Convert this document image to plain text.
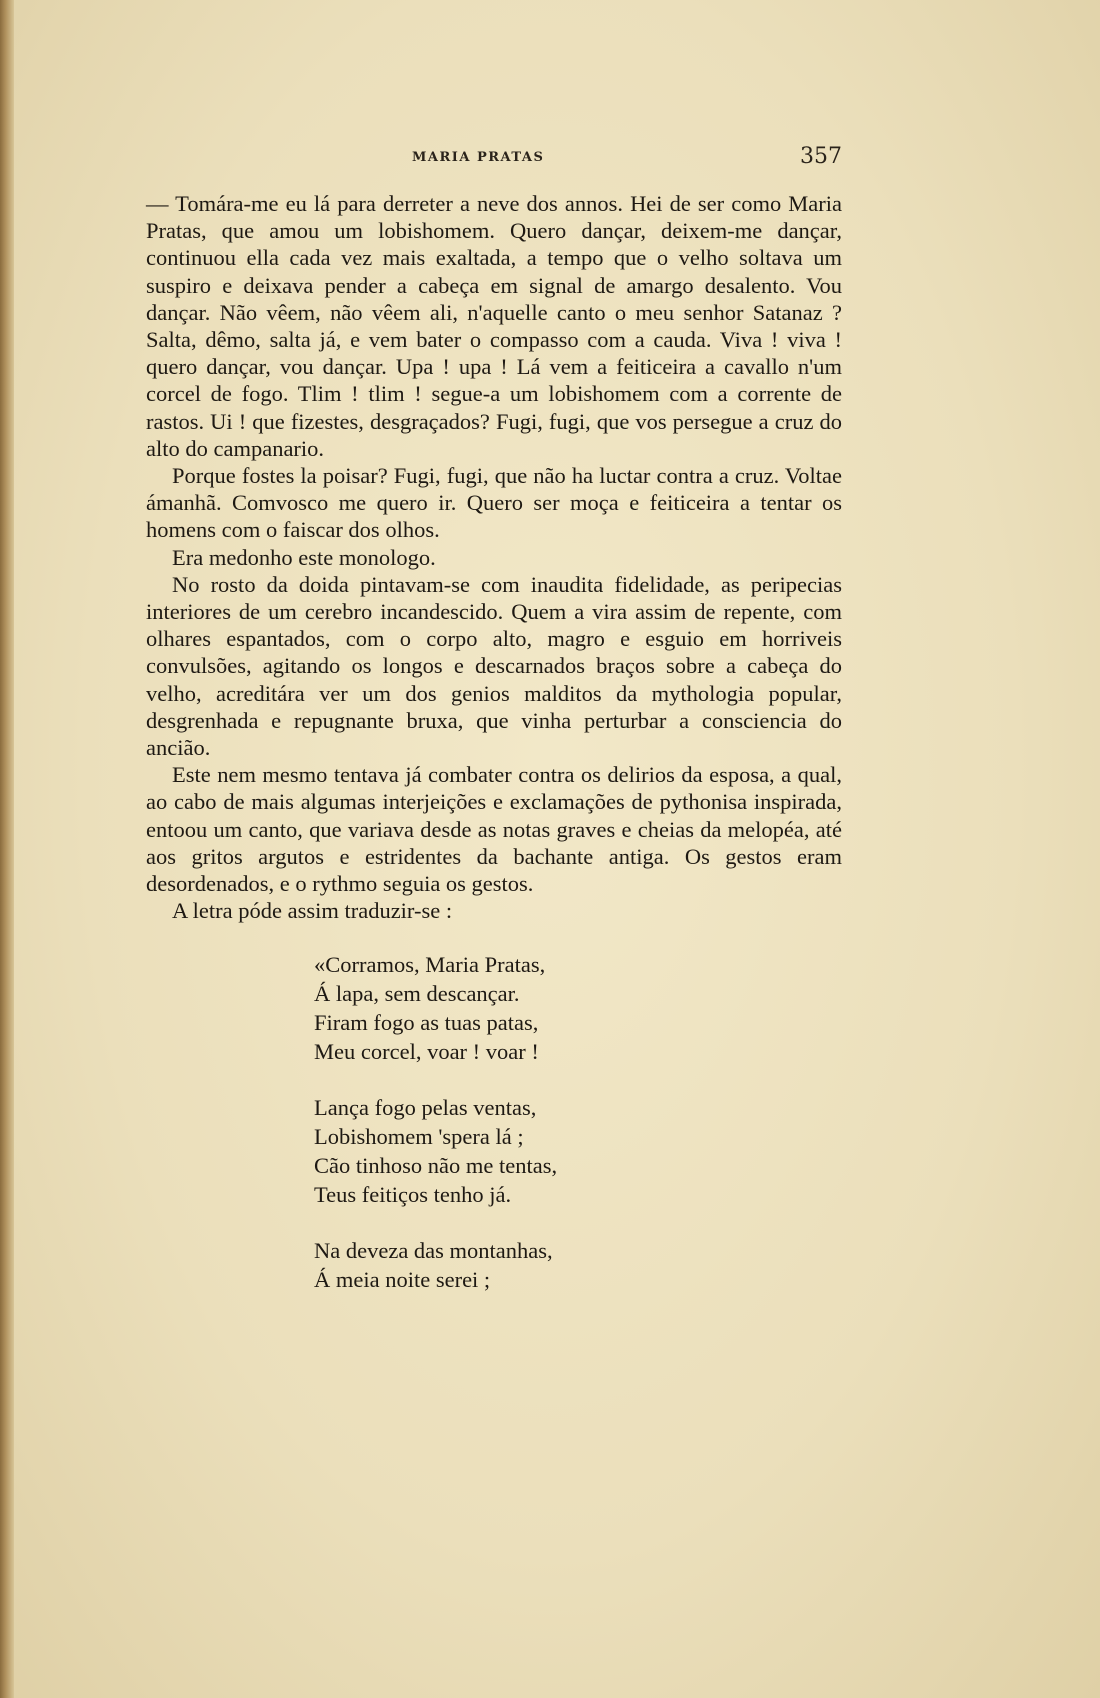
MARIA PRATAS	357

— Tomára-me eu lá para derreter a neve dos annos. Hei de ser como Maria Pratas, que amou um lobishomem. Quero dançar, deixem-me dançar, continuou ella cada vez mais exaltada, a tempo que o velho soltava um suspiro e deixava pender a cabeça em signal de amargo desalento. Vou dançar. Não vêem, não vêem ali, n'aquelle canto o meu senhor Satanaz ? Salta, dêmo, salta já, e vem bater o compasso com a cauda. Viva ! viva ! quero dançar, vou dançar. Upa ! upa ! Lá vem a feiticeira a cavallo n'um corcel de fogo. Tlim ! tlim ! segue-a um lobishomem com a corrente de rastos. Ui ! que fizestes, desgraçados? Fugi, fugi, que vos persegue a cruz do alto do campanario.

Porque fostes la poisar? Fugi, fugi, que não ha luctar contra a cruz. Voltae ámanhã. Comvosco me quero ir. Quero ser moça e feiticeira a tentar os homens com o faiscar dos olhos.

Era medonho este monologo.

No rosto da doida pintavam-se com inaudita fidelidade, as peripecias interiores de um cerebro incandescido. Quem a vira assim de repente, com olhares espantados, com o corpo alto, magro e esguio em horriveis convulsões, agitando os longos e descarnados braços sobre a cabeça do velho, acreditára ver um dos genios malditos da mythologia popular, desgrenhada e repugnante bruxa, que vinha perturbar a consciencia do ancião.

Este nem mesmo tentava já combater contra os delirios da esposa, a qual, ao cabo de mais algumas interjeições e exclamações de pythonisa inspirada, entoou um canto, que variava desde as notas graves e cheias da melopéa, até aos gritos argutos e estridentes da bachante antiga. Os gestos eram desordenados, e o rythmo seguia os gestos.

A letra póde assim traduzir-se :

«Corramos, Maria Pratas,
Á lapa, sem descançar.
Firam fogo as tuas patas,
Meu corcel, voar ! voar !
Lança fogo pelas ventas,
Lobishomem 'spera lá ;
Cão tinhoso não me tentas,
Teus feitiços tenho já.
Na deveza das montanhas,
Á meia noite serei ;
